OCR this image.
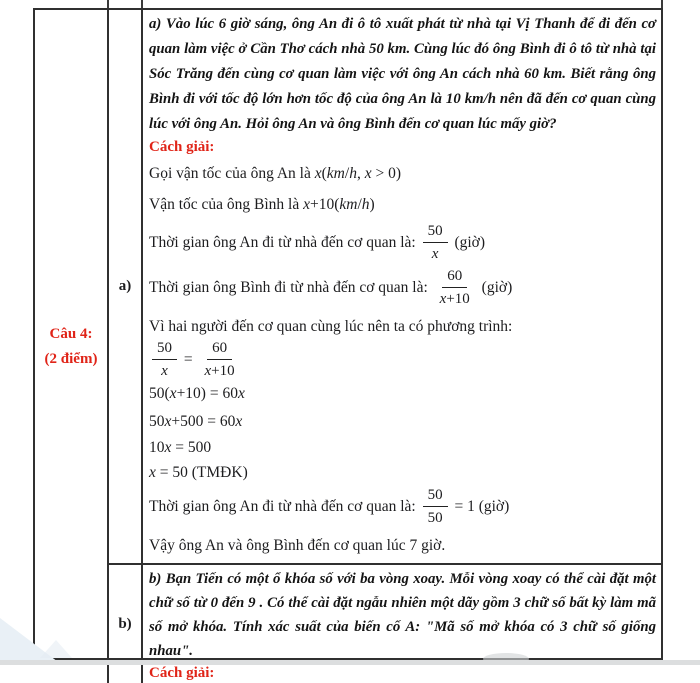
Câu 4:
(2 điểm)
a)
b)
a) Vào lúc 6 giờ sáng, ông An đi ô tô xuất phát từ nhà tại Vị Thanh để đi đến cơ quan làm việc ở Cần Thơ cách nhà 50 km. Cùng lúc đó ông Bình đi ô tô từ nhà tại Sóc Trăng đến cùng cơ quan làm việc với ông An cách nhà 60 km. Biết rằng ông Bình đi với tốc độ lớn hơn tốc độ của ông An là 10 km/h nên đã đến cơ quan cùng lúc với ông An. Hỏi ông An và ông Bình đến cơ quan lúc mấy giờ?
Cách giải:
Gọi vận tốc của ông An là x ( km / h , x > 0)
Vận tốc của ông Bình là x +10( km / h )
Thời gian ông An đi từ nhà đến cơ quan là: $\frac{50}{x}$ (giờ)
Thời gian ông Bình đi từ nhà đến cơ quan là: $\frac{60}{x+10}$ (giờ)
Vì hai người đến cơ quan cùng lúc nên ta có phương trình:
$\frac{50}{x} = \frac{60}{x+10}$
50( x +10) = 60 x
50 x +500 = 60 x
10 x = 500
x = 50 (TMĐK)
Thời gian ông An đi từ nhà đến cơ quan là: $\frac{50}{50} = 1$ (giờ)
Vậy ông An và ông Bình đến cơ quan lúc 7 giờ.
b) Bạn Tiến có một ổ khóa số với ba vòng xoay. Mỗi vòng xoay có thể cài đặt một chữ số từ 0 đến 9 . Có thể cài đặt ngẫu nhiên một dãy gồm 3 chữ số bất kỳ làm mã số mở khóa. Tính xác suất của biến cố A: "Mã số mở khóa có 3 chữ số giống nhau".
Cách giải:
